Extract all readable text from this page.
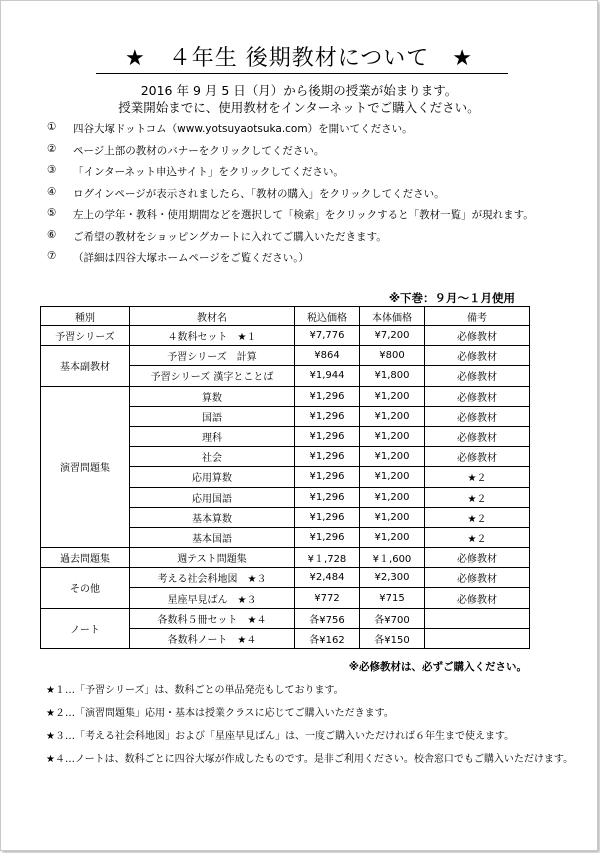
★　４年生 後期教材について　★
2016 年 9 月 5 日（月）から後期の授業が始まります。
授業開始までに、使用教材をインターネットでご購入ください。
①	四谷大塚ドットコム（www.yotsuyaotsuka.com）を開いてください。
②	ページ上部の教材のバナーをクリックしてください。
③	「インターネット申込サイト」をクリックしてください。
④	ログインページが表示されましたら、「教材の購入」をクリックしてください。
⑤	左上の学年・教科・使用期間などを選択して「検索」をクリックすると「教材一覧」が現れます。
⑥	ご希望の教材をショッピングカートに入れてご購入いただきます。
⑦	（詳細は四谷大塚ホームページをご覧ください。）
※下巻：９月～１月使用
種別	教材名	税込価格	本体価格	備考
予習シリーズ	４数科セット　★１	¥7,776	¥7,200	必修教材
基本副教材	予習シリーズ　計算	¥864	¥800	必修教材
	予習シリーズ 漢字とことば	¥1,944	¥1,800	必修教材
演習問題集	算数	¥1,296	¥1,200	必修教材
	国語	¥1,296	¥1,200	必修教材
	理科	¥1,296	¥1,200	必修教材
	社会	¥1,296	¥1,200	必修教材
	応用算数	¥1,296	¥1,200	★２
	応用国語	¥1,296	¥1,200	★２
	基本算数	¥1,296	¥1,200	★２
	基本国語	¥1,296	¥1,200	★２
過去問題集	週テスト問題集	¥１,728	¥１,600	必修教材
その他	考える社会科地図　★３	¥2,484	¥2,300	必修教材
	星座早見ばん　★３	¥772	¥715	必修教材
ノート	各数科５冊セット　★４	各¥756	各¥700	
	各数科ノート　★４	各¥162	各¥150	
※必修教材は、必ずご購入ください。
★１…「予習シリーズ」は、数科ごとの単品発売もしております。
★２…「演習問題集」応用・基本は授業クラスに応じてご購入いただきます。
★３…「考える社会科地図」および「星座早見ばん」は、一度ご購入いただければ６年生まで使えます。
★４…ノートは、数科ごとに四谷大塚が作成したものです。是非ご利用ください。校舎窓口でもご購入いただけます。
